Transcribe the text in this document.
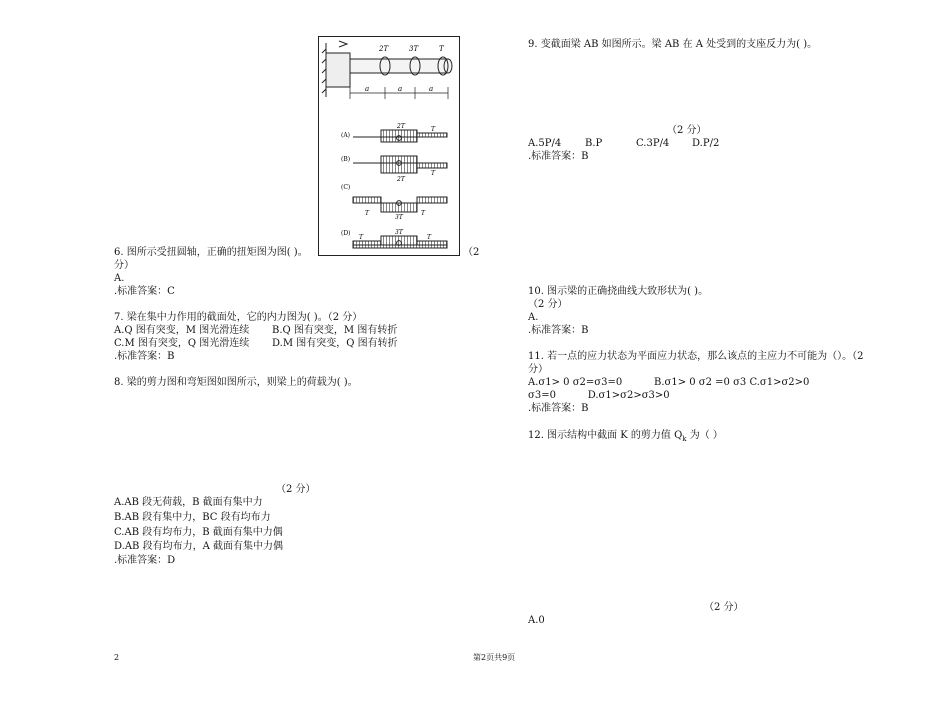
2T	3T	T
a	a	a
(A)
2T	T
(B)
2T
T
(C)
T
3T
T
(D)
T
3T
T
6. 图所示受扭圆轴，正确的扭矩图为图( )。	（2
分）
A.
.标准答案：C
7. 梁在集中力作用的截面处，它的内力图为( )。（2 分）
A.Q 图有突变，M 图光滑连续 B.Q 图有突变，M 图有转折
C.M 图有突变，Q 图光滑连续 D.M 图有突变，Q 图有转折
.标准答案：B
8. 梁的剪力图和弯矩图如图所示，则梁上的荷载为( )。
（2 分）
A.AB 段无荷载，B 截面有集中力
B.AB 段有集中力，BC 段有均布力
C.AB 段有均布力，B 截面有集中力偶
D.AB 段有均布力，A 截面有集中力偶
.标准答案：D
9. 变截面梁 AB 如图所示。梁 AB 在 A 处受到的支座反力为( )。
（2 分）
A.5P/4 B.P	C.3P/4 D.P/2
.标准答案：B
10. 图示梁的正确挠曲线大致形状为( )。
（2 分）
A.
.标准答案：B
11. 若一点的应力状态为平面应力状态，那么该点的主应力不可能为（）。（2
分）
A.σ1> 0 σ2=σ3=0          B.σ1> 0 σ2 =0 σ3 C.σ1>σ2>0
σ3=0          D.σ1>σ2>σ3>0
.标准答案：B
12. 图示结构中截面 K 的剪力值 $Q_k$ 为（ ）
（2 分）
A.0
2	第2页共9页
